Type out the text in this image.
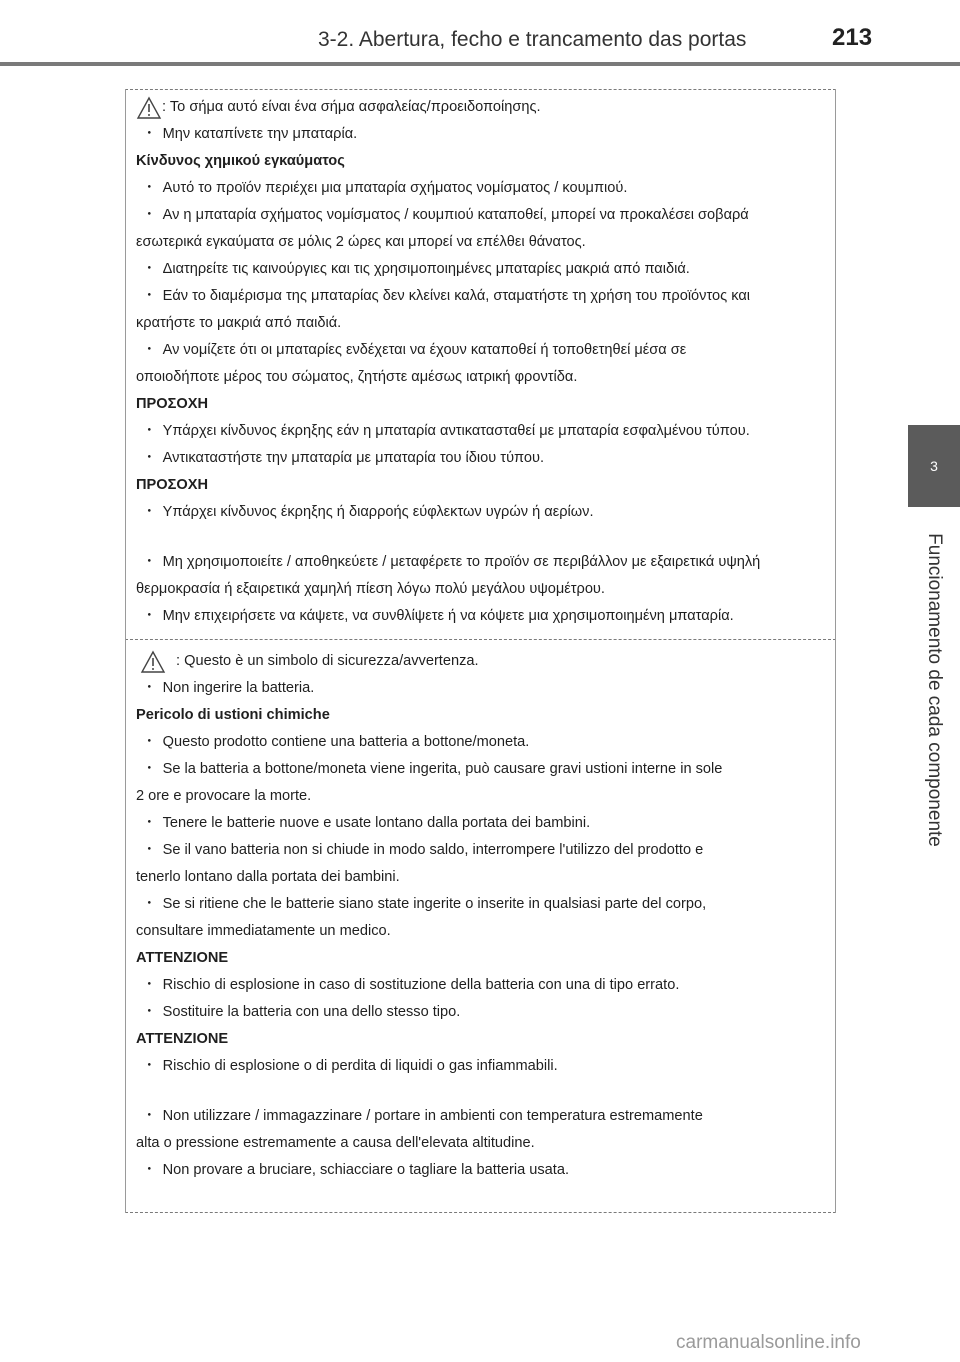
3-2. Abertura, fecho e trancamento das portas	213
3
Funcionamento de cada componente
: Το σήμα αυτό είναι ένα σήμα ασφαλείας/προειδοποίησης.
・ Μην καταπίνετε την μπαταρία.
Κίνδυνος χημικού εγκαύματος
・ Αυτό το προϊόν περιέχει μια μπαταρία σχήματος νομίσματος / κουμπιού.
・ Αν η μπαταρία σχήματος νομίσματος / κουμπιού καταποθεί, μπορεί να προκαλέσει σοβαρά
εσωτερικά εγκαύματα σε μόλις 2 ώρες και μπορεί να επέλθει θάνατος.
・ Διατηρείτε τις καινούργιες και τις χρησιμοποιημένες μπαταρίες μακριά από παιδιά.
・ Εάν το διαμέρισμα της μπαταρίας δεν κλείνει καλά, σταματήστε τη χρήση του προϊόντος και
κρατήστε το μακριά από παιδιά.
・ Αν νομίζετε ότι οι μπαταρίες ενδέχεται να έχουν καταποθεί ή τοποθετηθεί μέσα σε
οποιοδήποτε μέρος του σώματος, ζητήστε αμέσως ιατρική φροντίδα.
ΠΡΟΣΟΧΗ
・ Υπάρχει κίνδυνος έκρηξης εάν η μπαταρία αντικατασταθεί με μπαταρία εσφαλμένου τύπου.
・ Αντικαταστήστε την μπαταρία με μπαταρία του ίδιου τύπου.
ΠΡΟΣΟΧΗ
・ Υπάρχει κίνδυνος έκρηξης ή διαρροής εύφλεκτων υγρών ή αερίων.
・ Μη χρησιμοποιείτε / αποθηκεύετε / μεταφέρετε το προϊόν σε περιβάλλον με εξαιρετικά υψηλή
θερμοκρασία ή εξαιρετικά χαμηλή πίεση λόγω πολύ μεγάλου υψομέτρου.
・ Μην επιχειρήσετε να κάψετε, να συνθλίψετε ή να κόψετε μια χρησιμοποιημένη μπαταρία.
: Questo è un simbolo di sicurezza/avvertenza.
・ Non ingerire la batteria.
Pericolo di ustioni chimiche
・ Questo prodotto contiene una batteria a bottone/moneta.
・ Se la batteria a bottone/moneta viene ingerita, può causare gravi ustioni interne in sole
2 ore e provocare la morte.
・ Tenere le batterie nuove e usate lontano dalla portata dei bambini.
・ Se il vano batteria non si chiude in modo saldo, interrompere l'utilizzo del prodotto e
tenerlo lontano dalla portata dei bambini.
・ Se si ritiene che le batterie siano state ingerite o inserite in qualsiasi parte del corpo,
consultare immediatamente un medico.
ATTENZIONE
・ Rischio di esplosione in caso di sostituzione della batteria con una di tipo errato.
・ Sostituire la batteria con una dello stesso tipo.
ATTENZIONE
・ Rischio di esplosione o di perdita di liquidi o gas infiammabili.
・ Non utilizzare / immagazzinare / portare in ambienti con temperatura estremamente
alta o pressione estremamente a causa dell'elevata altitudine.
・ Non provare a bruciare, schiacciare o tagliare la batteria usata.
carmanualsonline.info
